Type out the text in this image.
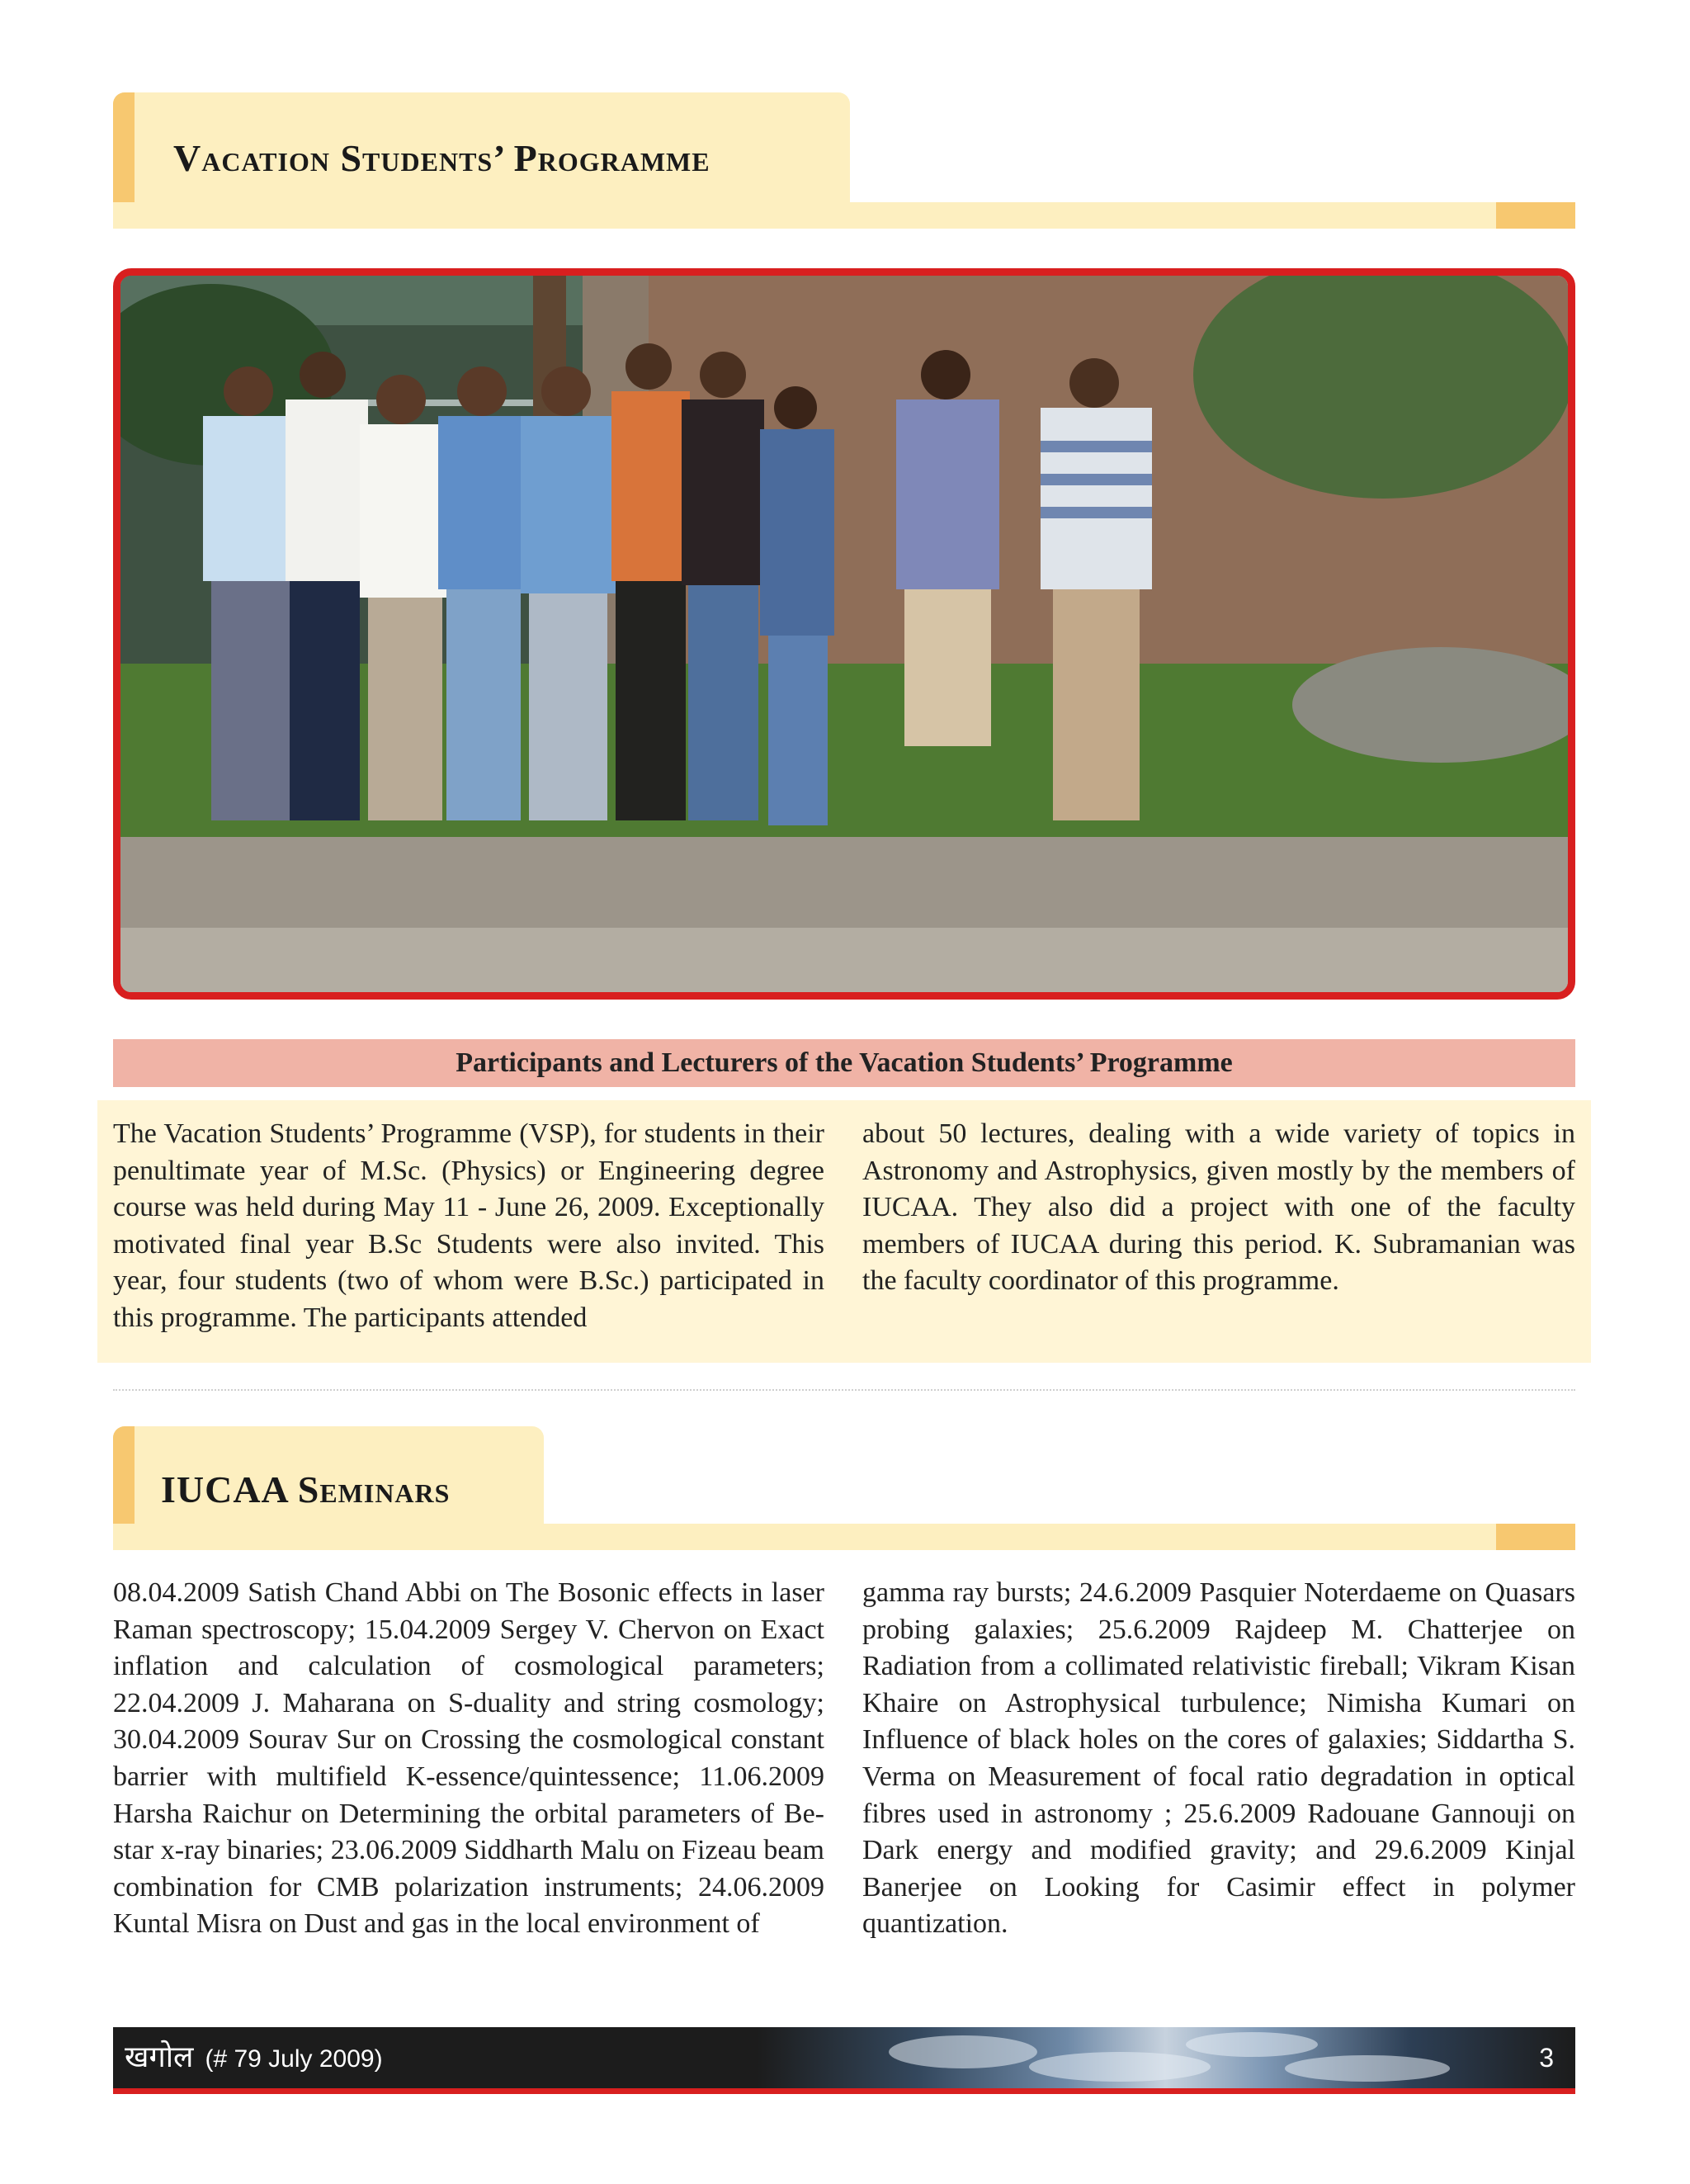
Vacation Students’ Programme
Participants and Lecturers of the Vacation Students’ Programme
The Vacation Students’ Programme (VSP), for students in their penultimate year of M.Sc. (Physics) or Engineering degree course was held during May 11 - June 26, 2009. Exceptionally motivated final year B.Sc Students were also invited. This year, four students (two of whom were B.Sc.) participated in this programme. The participants attended
about 50 lectures, dealing with a wide variety of topics in Astronomy and Astrophysics, given mostly by the members of IUCAA. They also did a project with one of the faculty members of IUCAA during this period. K. Subramanian was the faculty coordinator of this programme.
IUCAA Seminars
08.04.2009 Satish Chand Abbi on The Bosonic effects in laser Raman spectroscopy; 15.04.2009 Sergey V. Chervon on Exact inflation and calculation of cosmological parameters; 22.04.2009 J. Maharana on S-duality and string cosmology; 30.04.2009 Sourav Sur on Crossing the cosmological constant barrier with multifield K-essence/quintessence; 11.06.2009 Harsha Raichur on Determining the orbital parameters of Be-star x-ray binaries; 23.06.2009 Siddharth Malu on Fizeau beam combination for CMB polarization instruments; 24.06.2009 Kuntal Misra on Dust and gas in the local environment of
gamma ray bursts; 24.6.2009 Pasquier Noterdaeme on Quasars probing galaxies; 25.6.2009 Rajdeep M. Chatterjee on Radiation from a collimated relativistic fireball; Vikram Kisan Khaire on Astrophysical turbulence; Nimisha Kumari on Influence of black holes on the cores of galaxies; Siddartha S. Verma on Measurement of focal ratio degradation in optical fibres used in astronomy ; 25.6.2009 Radouane Gannouji on Dark energy and modified gravity; and 29.6.2009 Kinjal Banerjee on Looking for Casimir effect in polymer quantization.
खगोल (# 79 July 2009)	3
